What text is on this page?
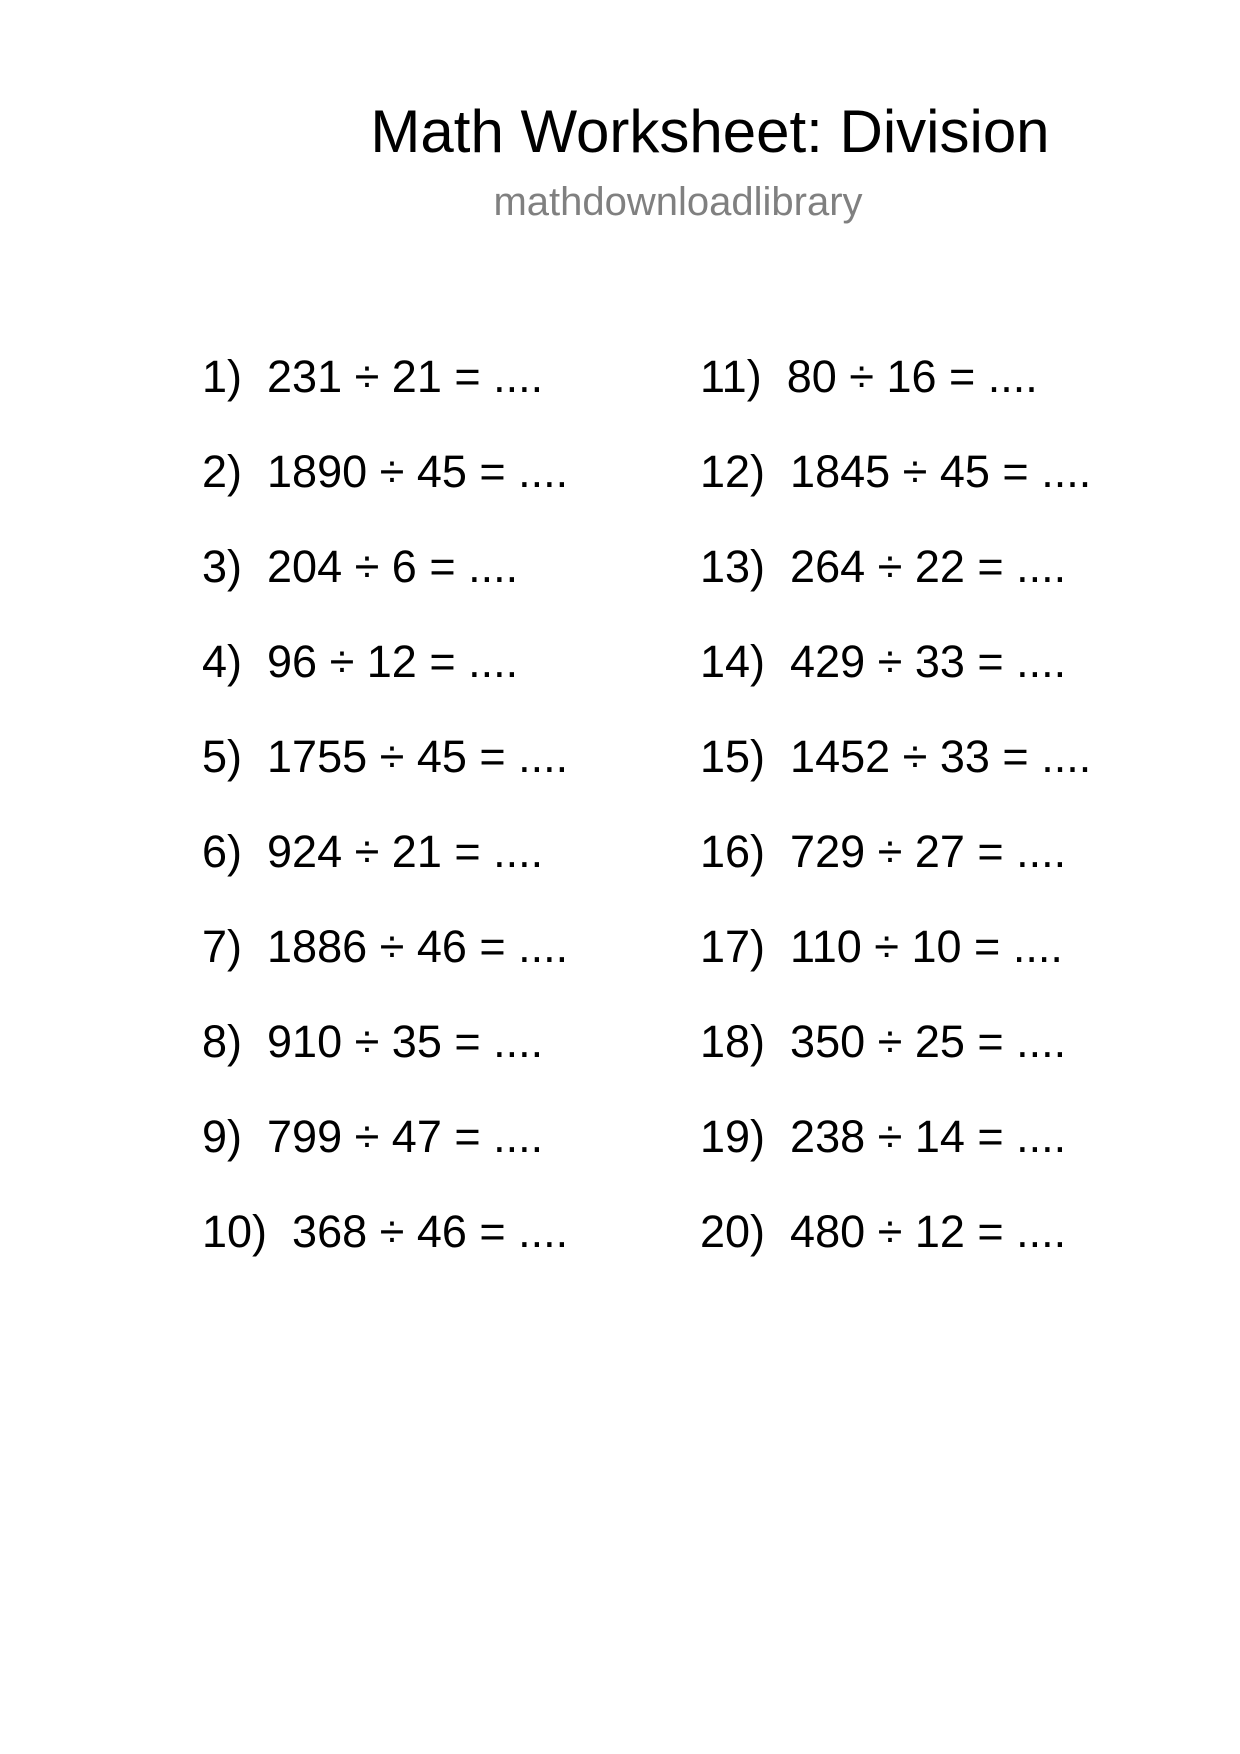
Math Worksheet: Division
mathdownloadlibrary
1)  231 ÷ 21 = ....
2)  1890 ÷ 45 = ....
3)  204 ÷ 6 = ....
4)  96 ÷ 12 = ....
5)  1755 ÷ 45 = ....
6)  924 ÷ 21 = ....
7)  1886 ÷ 46 = ....
8)  910 ÷ 35 = ....
9)  799 ÷ 47 = ....
10)  368 ÷ 46 = ....
11)  80 ÷ 16 = ....
12)  1845 ÷ 45 = ....
13)  264 ÷ 22 = ....
14)  429 ÷ 33 = ....
15)  1452 ÷ 33 = ....
16)  729 ÷ 27 = ....
17)  110 ÷ 10 = ....
18)  350 ÷ 25 = ....
19)  238 ÷ 14 = ....
20)  480 ÷ 12 = ....
